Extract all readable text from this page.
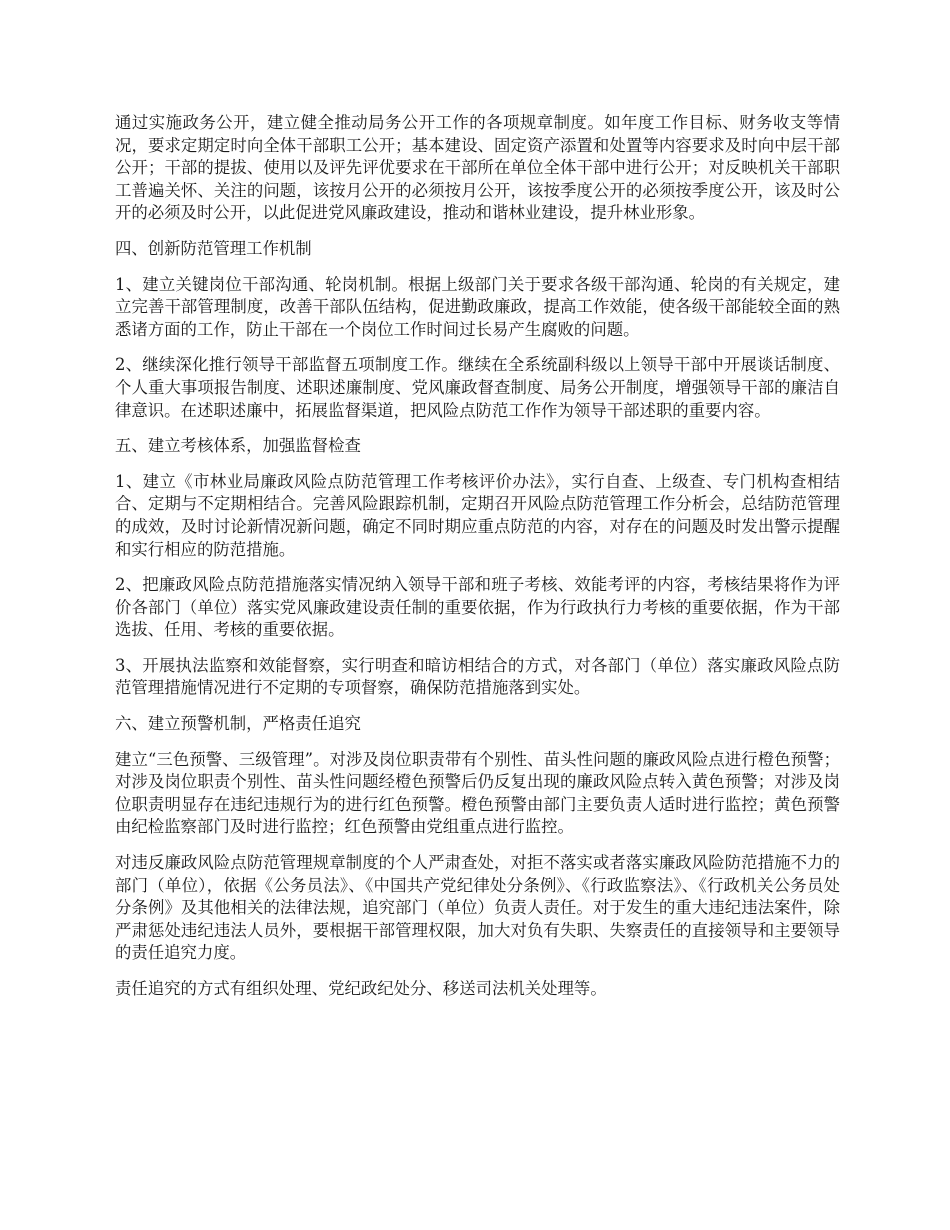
通过实施政务公开，建立健全推动局务公开工作的各项规章制度。如年度工作目标、财务收支等情况，要求定期定时向全体干部职工公开；基本建设、固定资产添置和处置等内容要求及时向中层干部公开；干部的提拔、使用以及评先评优要求在干部所在单位全体干部中进行公开；对反映机关干部职工普遍关怀、关注的问题，该按月公开的必须按月公开，该按季度公开的必须按季度公开，该及时公开的必须及时公开，以此促进党风廉政建设，推动和谐林业建设，提升林业形象。

四、创新防范管理工作机制

1、建立关键岗位干部沟通、轮岗机制。根据上级部门关于要求各级干部沟通、轮岗的有关规定，建立完善干部管理制度，改善干部队伍结构，促进勤政廉政，提高工作效能，使各级干部能较全面的熟悉诸方面的工作，防止干部在一个岗位工作时间过长易产生腐败的问题。

2、继续深化推行领导干部监督五项制度工作。继续在全系统副科级以上领导干部中开展谈话制度、个人重大事项报告制度、述职述廉制度、党风廉政督查制度、局务公开制度，增强领导干部的廉洁自律意识。在述职述廉中，拓展监督渠道，把风险点防范工作作为领导干部述职的重要内容。

五、建立考核体系，加强监督检查

1、建立《市林业局廉政风险点防范管理工作考核评价办法》，实行自查、上级查、专门机构查相结合、定期与不定期相结合。完善风险跟踪机制，定期召开风险点防范管理工作分析会，总结防范管理的成效，及时讨论新情况新问题，确定不同时期应重点防范的内容，对存在的问题及时发出警示提醒和实行相应的防范措施。

2、把廉政风险点防范措施落实情况纳入领导干部和班子考核、效能考评的内容，考核结果将作为评价各部门（单位）落实党风廉政建设责任制的重要依据，作为行政执行力考核的重要依据，作为干部选拔、任用、考核的重要依据。

3、开展执法监察和效能督察，实行明查和暗访相结合的方式，对各部门（单位）落实廉政风险点防范管理措施情况进行不定期的专项督察，确保防范措施落到实处。

六、建立预警机制，严格责任追究

建立“三色预警、三级管理”。对涉及岗位职责带有个别性、苗头性问题的廉政风险点进行橙色预警；对涉及岗位职责个别性、苗头性问题经橙色预警后仍反复出现的廉政风险点转入黄色预警；对涉及岗位职责明显存在违纪违规行为的进行红色预警。橙色预警由部门主要负责人适时进行监控；黄色预警由纪检监察部门及时进行监控；红色预警由党组重点进行监控。

对违反廉政风险点防范管理规章制度的个人严肃查处，对拒不落实或者落实廉政风险防范措施不力的部门（单位），依据《公务员法》、《中国共产党纪律处分条例》、《行政监察法》、《行政机关公务员处分条例》及其他相关的法律法规，追究部门（单位）负责人责任。对于发生的重大违纪违法案件，除严肃惩处违纪违法人员外，要根据干部管理权限，加大对负有失职、失察责任的直接领导和主要领导的责任追究力度。

责任追究的方式有组织处理、党纪政纪处分、移送司法机关处理等。
